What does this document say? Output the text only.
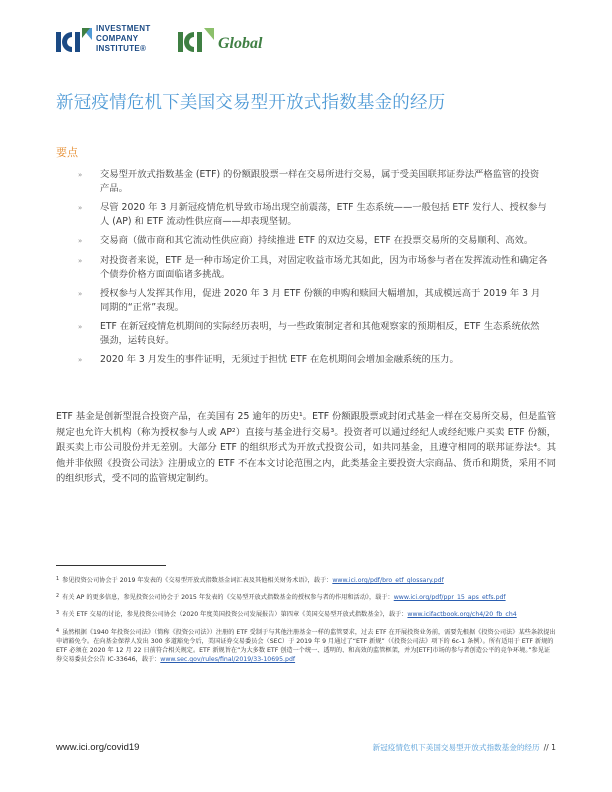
INVESTMENT
COMPANY
INSTITUTE®	Global
新冠疫情危机下美国交易型开放式指数基金的经历
要点
» 交易型开放式指数基金 (ETF) 的份额跟股票一样在交易所进行交易，属于受美国联邦证券法严格监管的投资产品。
» 尽管 2020 年 3 月新冠疫情危机导致市场出现空前震荡，ETF 生态系统——一般包括 ETF 发行人、授权参与人 (AP) 和 ETF 流动性供应商——却表现坚韧。
» 交易商（做市商和其它流动性供应商）持续推进 ETF 的双边交易，ETF 在投票交易所的交易顺利、高效。
» 对投资者来说，ETF 是一种市场定价工具，对固定收益市场尤其如此，因为市场参与者在发挥流动性和确定各个债券价格方面面临诸多挑战。
» 授权参与人发挥其作用，促进 2020 年 3 月 ETF 份额的申购和赎回大幅增加，其成模远高于 2019 年 3 月同期的“正常”表现。
» ETF 在新冠疫情危机期间的实际经历表明，与一些政策制定者和其他观察家的预期相反，ETF 生态系统依然强劲，运转良好。
» 2020 年 3 月发生的事件证明，无须过于担忧 ETF 在危机期间会增加金融系统的压力。

ETF 基金是创新型混合投资产品，在美国有 25 逾年的历史¹。ETF 份额跟股票或封闭式基金一样在交易所交易，但是监管规定也允许大机构（称为授权参与人或 AP²）直接与基金进行交易³。投资者可以通过经纪人或经纪账户买卖 ETF 份额，跟买卖上市公司股份并无差别。大部分 ETF 的组织形式为开放式投资公司，如共同基金，且遵守相同的联邦证券法⁴。其他并非依照《投资公司法》注册成立的 ETF 不在本文讨论范围之内，此类基金主要投资大宗商品、货币和期货，采用不同的组织形式，受不同的监管规定制约。

$^1$ 参见投资公司协会于 2019 年发表的《交易型开放式指数基金词汇表及其他相关财务术语》，载于：www.ici.org/pdf/bro_etf_glossary.pdf

$^2$ 有关 AP 的更多信息，参见投资公司协会于 2015 年发表的《交易型开放式指数基金的授权参与者的作用和活动》，载于：www.ici.org/pdf/ppr_15_aps_etfs.pdf

$^3$ 有关 ETF 交易的讨论，参见投资公司协会（2020 年度美国投资公司发展报告）第四章《美国交易型开放式指数基金》，载于：www.icifactbook.org/ch4/20_fb_ch4

$^4$ 虽然根据《1940 年投资公司法》（简称《投资公司法》）注册的 ETF 受制于与其他注册基金一样的监管要求，过去 ETF 在开展投资业务前，需要先根据《投资公司法》某些条款提出申请豁免令。在向基金保荐人发出 300 多道豁免令后，美国证券交易委员会（SEC）于 2019 年 9 月通过了“ETF 新规”（《投资公司法》项下的 6c-1 条例）。所有适用于 ETF 新规的 ETF 必须在 2020 年 12 月 22 日前符合相关规定。ETF 新规旨在“为大多数 ETF 创造一个统一、透明的、和高效的监管框架，并为[ETF]市场的参与者创造公平的竞争环境。”参见证券交易委员会公告 IC-33646，载于：www.sec.gov/rules/final/2019/33-10695.pdf

www.ici.org/covid19	新冠疫情危机下美国交易型开放式指数基金的经历 // 1
